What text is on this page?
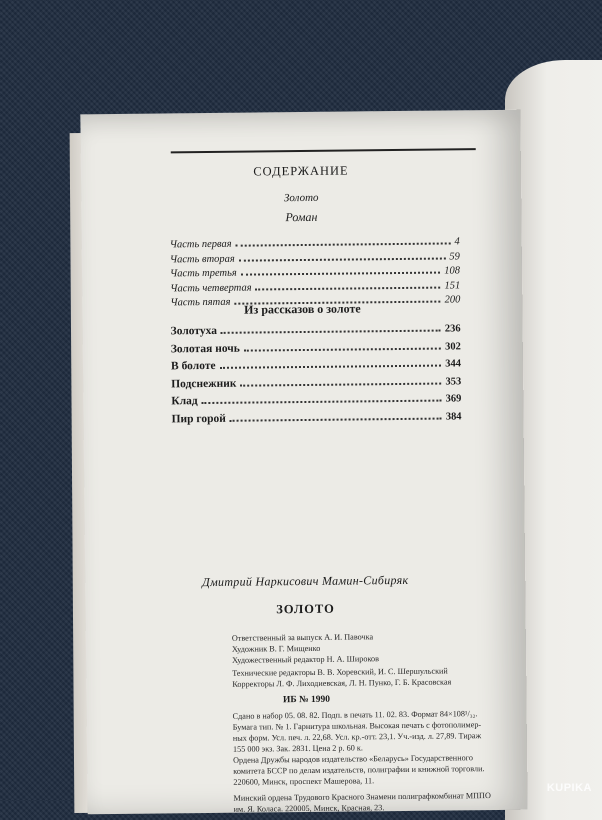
СОДЕРЖАНИЕ
Золото
Роман
Часть первая	4
Часть вторая	59
Часть третья	108
Часть четвертая	151
Часть пятая	200
Из рассказов о золоте
Золотуха	236
Золотая ночь	302
В болоте	344
Подснежник	353
Клад	369
Пир горой	384
Дмитрий Наркисович Мамин-Сибиряк
ЗОЛОТО
Ответственный за выпуск А. И. Павочка
Художник В. Г. Мищенко
Художественный редактор Н. А. Широков
Технические редакторы В. В. Хоревский, И. С. Шершульский
Корректоры Л. Ф. Лиходиевская, Л. Н. Пунко, Г. Б. Красовская
ИБ № 1990
Сдано в набор 05. 08. 82. Подп. в печать 11. 02. 83. Формат 84×108¹/₃₂.
Бумага тип. № 1. Гарнитура школьная. Высокая печать с фотополимер-
ных форм. Усл. печ. л. 22,68. Усл. кр.-отт. 23,1. Уч.-изд. л. 27,89. Тираж
155 000 экз. Зак. 2831. Цена 2 р. 60 к.
Ордена Дружбы народов издательство «Беларусь» Государственного
комитета БССР по делам издательств, полиграфии и книжной торговли.
220600, Минск, проспект Машерова, 11.
Минский ордена Трудового Красного Знамени полиграфкомбинат МППО
им. Я. Коласа. 220005, Минск, Красная, 23.
KUPIKA
